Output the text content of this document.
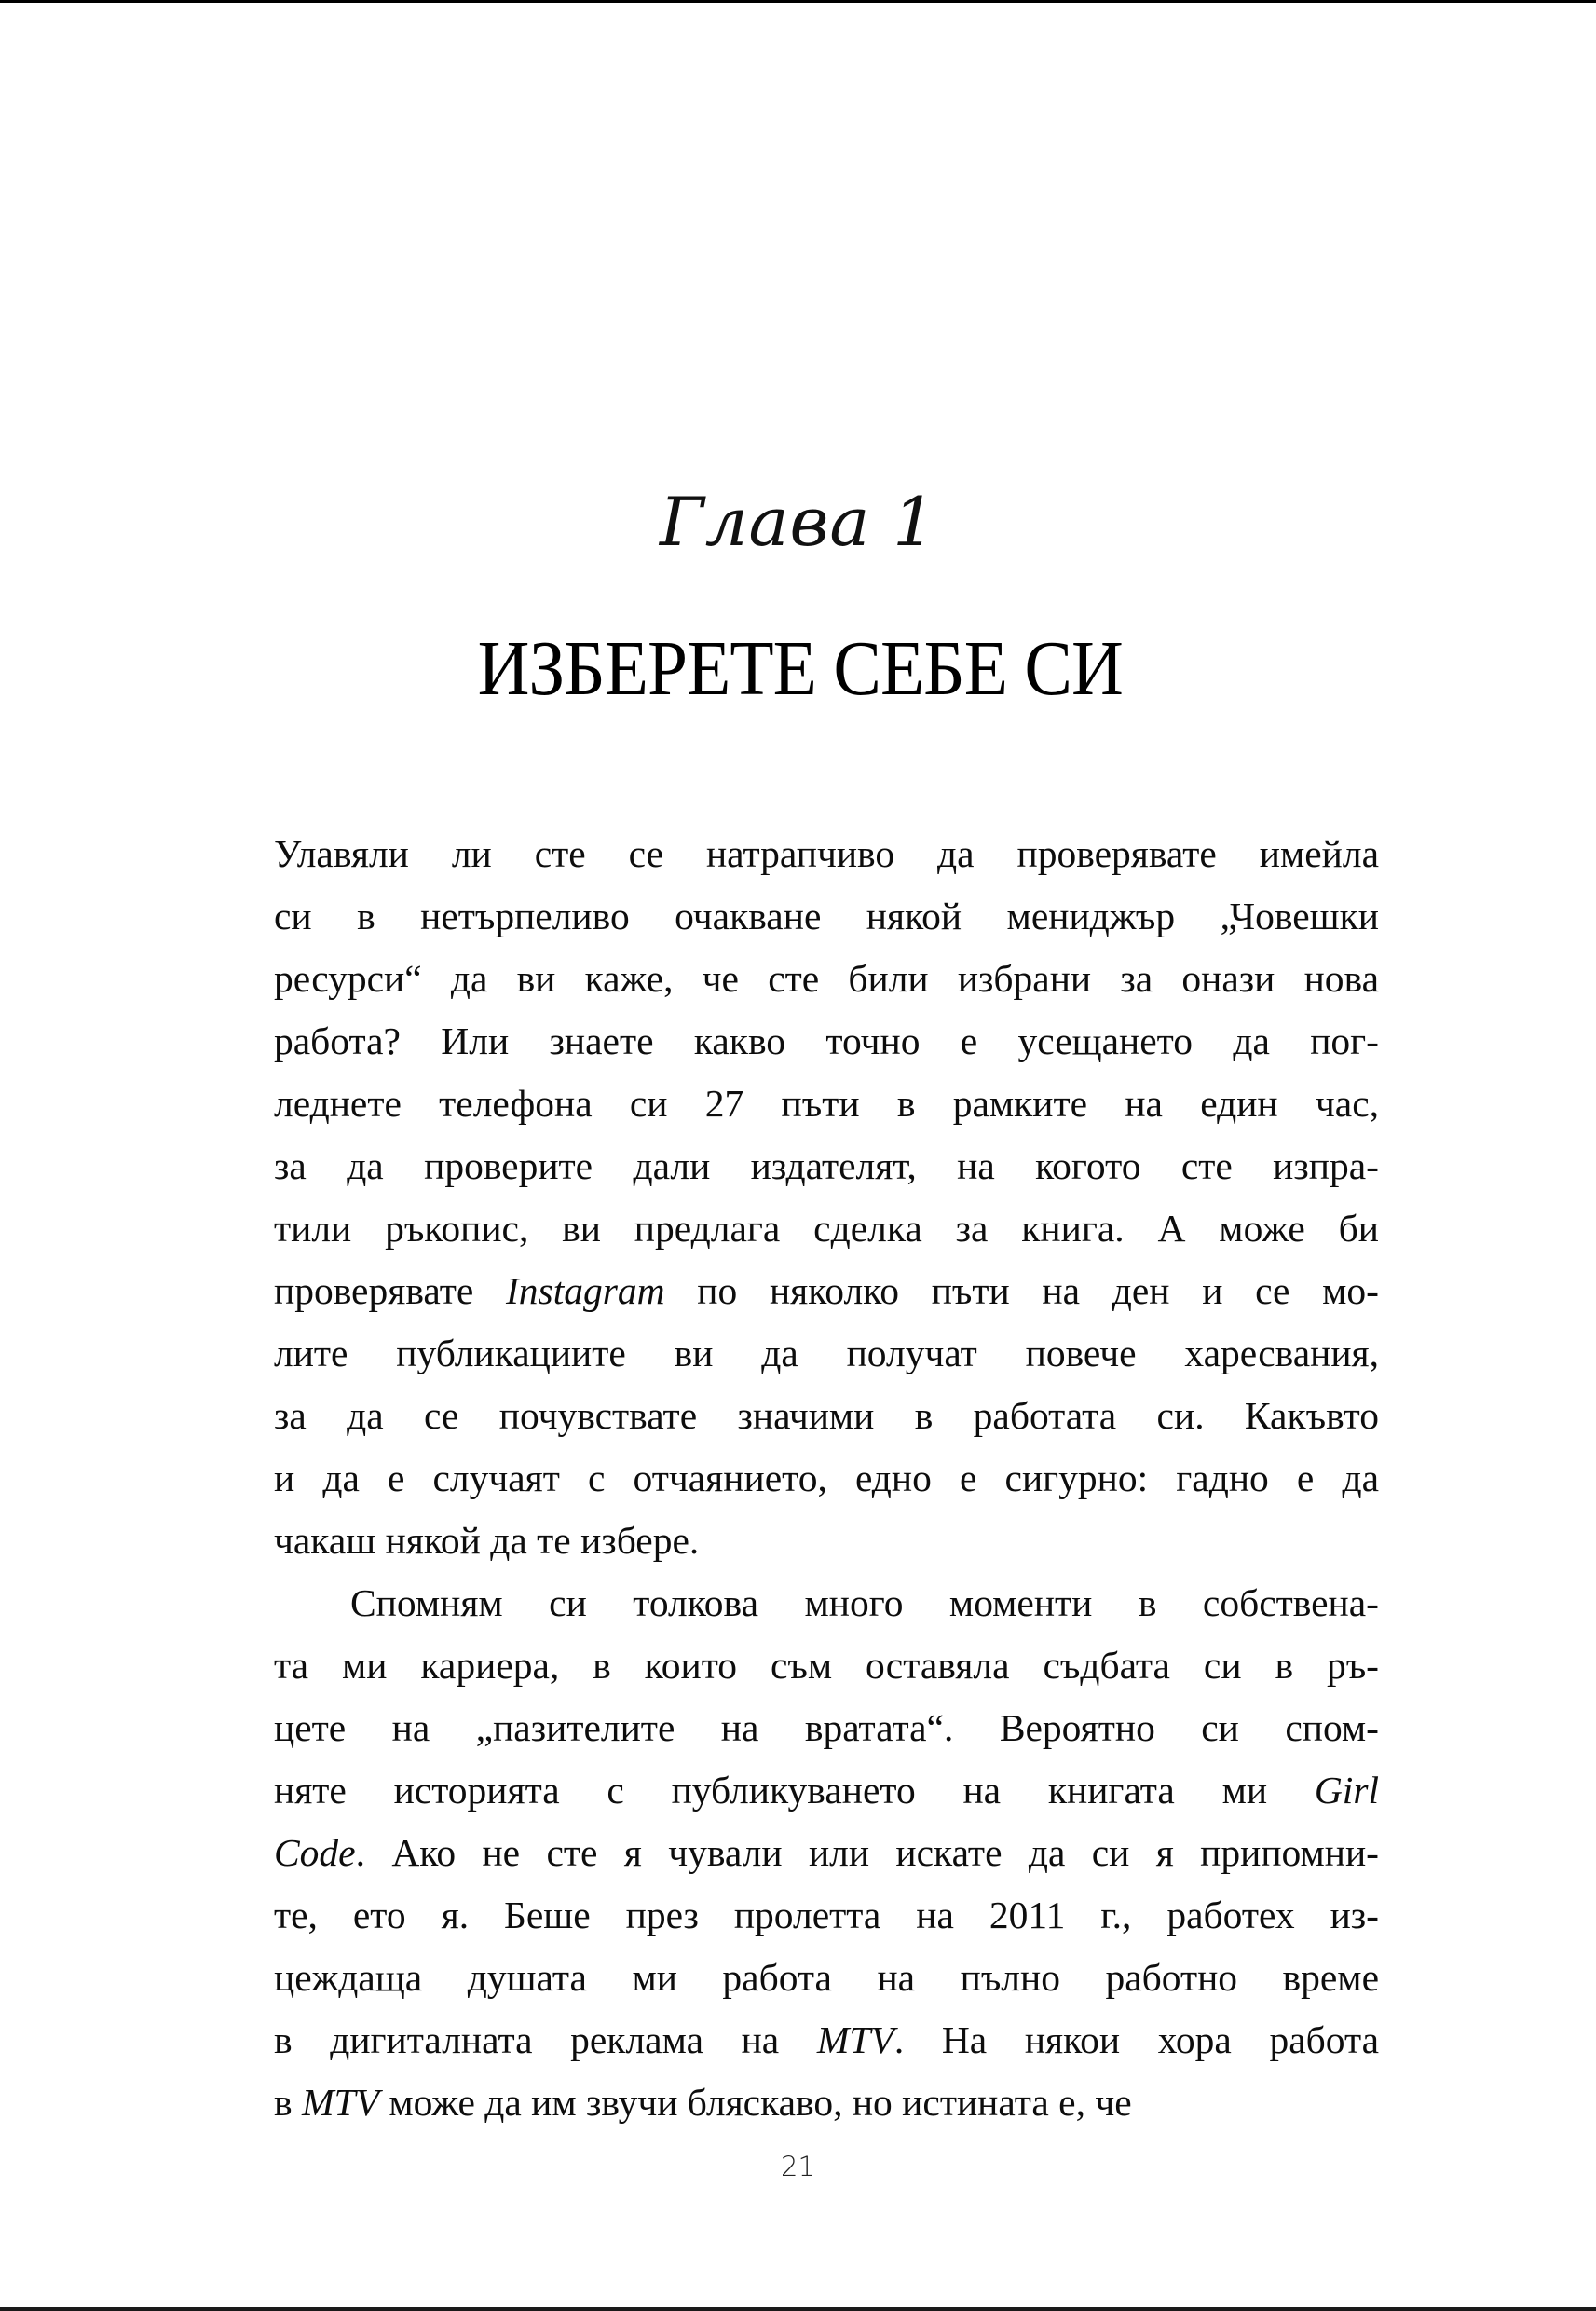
Глава 1
ИЗБЕРЕТЕ СЕБЕ СИ
Улавяли ли сте се натрапчиво да проверявате имейла
си в нетърпеливо очакване някой мениджър „Човешки
ресурси“ да ви каже, че сте били избрани за онази нова
работа? Или знаете какво точно е усещането да пог-
леднете телефона си 27 пъти в рамките на един час,
за да проверите дали издателят, на когото сте изпра-
тили ръкопис, ви предлага сделка за книга. А може би
проверявате Instagram по няколко пъти на ден и се мо-
лите публикациите ви да получат повече харесвания,
за да се почувствате значими в работата си. Какъвто
и да е случаят с отчаянието, едно е сигурно: гадно е да
чакаш някой да те избере.
Спомням си толкова много моменти в собствена-
та ми кариера, в които съм оставяла съдбата си в ръ-
цете на „пазителите на вратата“. Вероятно си спом-
няте историята с публикуването на книгата ми Girl
Code. Ако не сте я чували или искате да си я припомни-
те, ето я. Беше през пролетта на 2011 г., работех из-
цеждаща душата ми работа на пълно работно време
в дигиталната реклама на MTV. На някои хора работа
в MTV може да им звучи бляскаво, но истината е, че
21
